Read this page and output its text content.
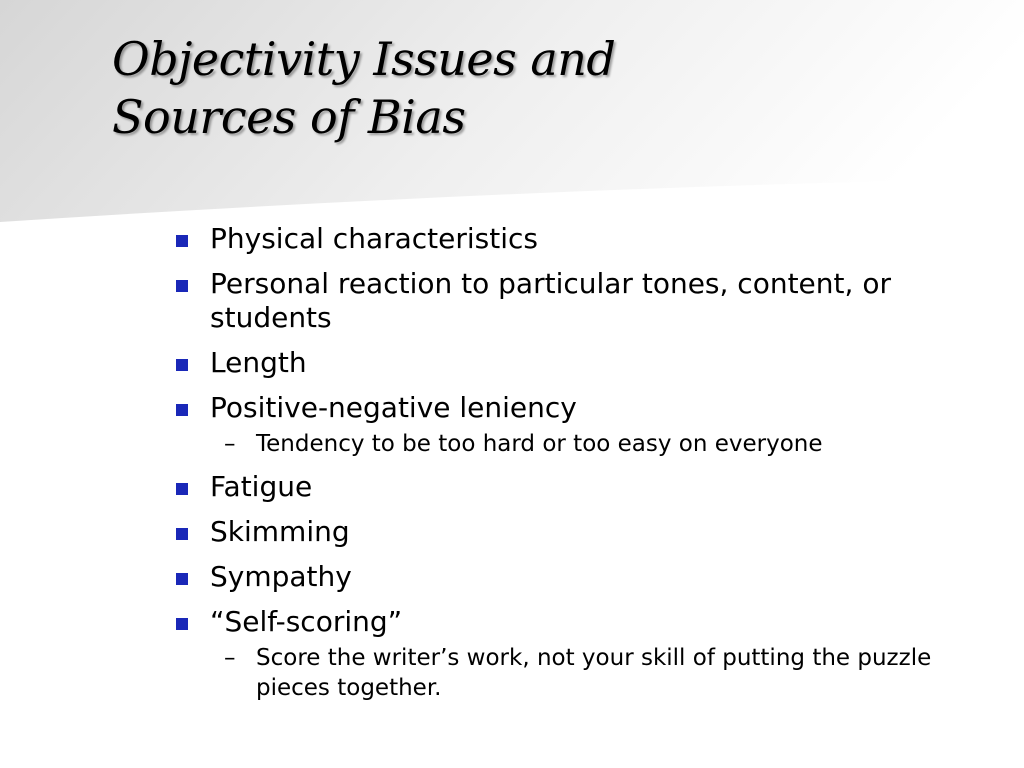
Objectivity Issues and
Sources of Bias
Physical characteristics
Personal reaction to particular tones, content, or students
Length
Positive-negative leniency
– Tendency to be too hard or too easy on everyone
Fatigue
Skimming
Sympathy
“Self-scoring”
– Score the writer’s work, not your skill of putting the puzzle pieces together.
